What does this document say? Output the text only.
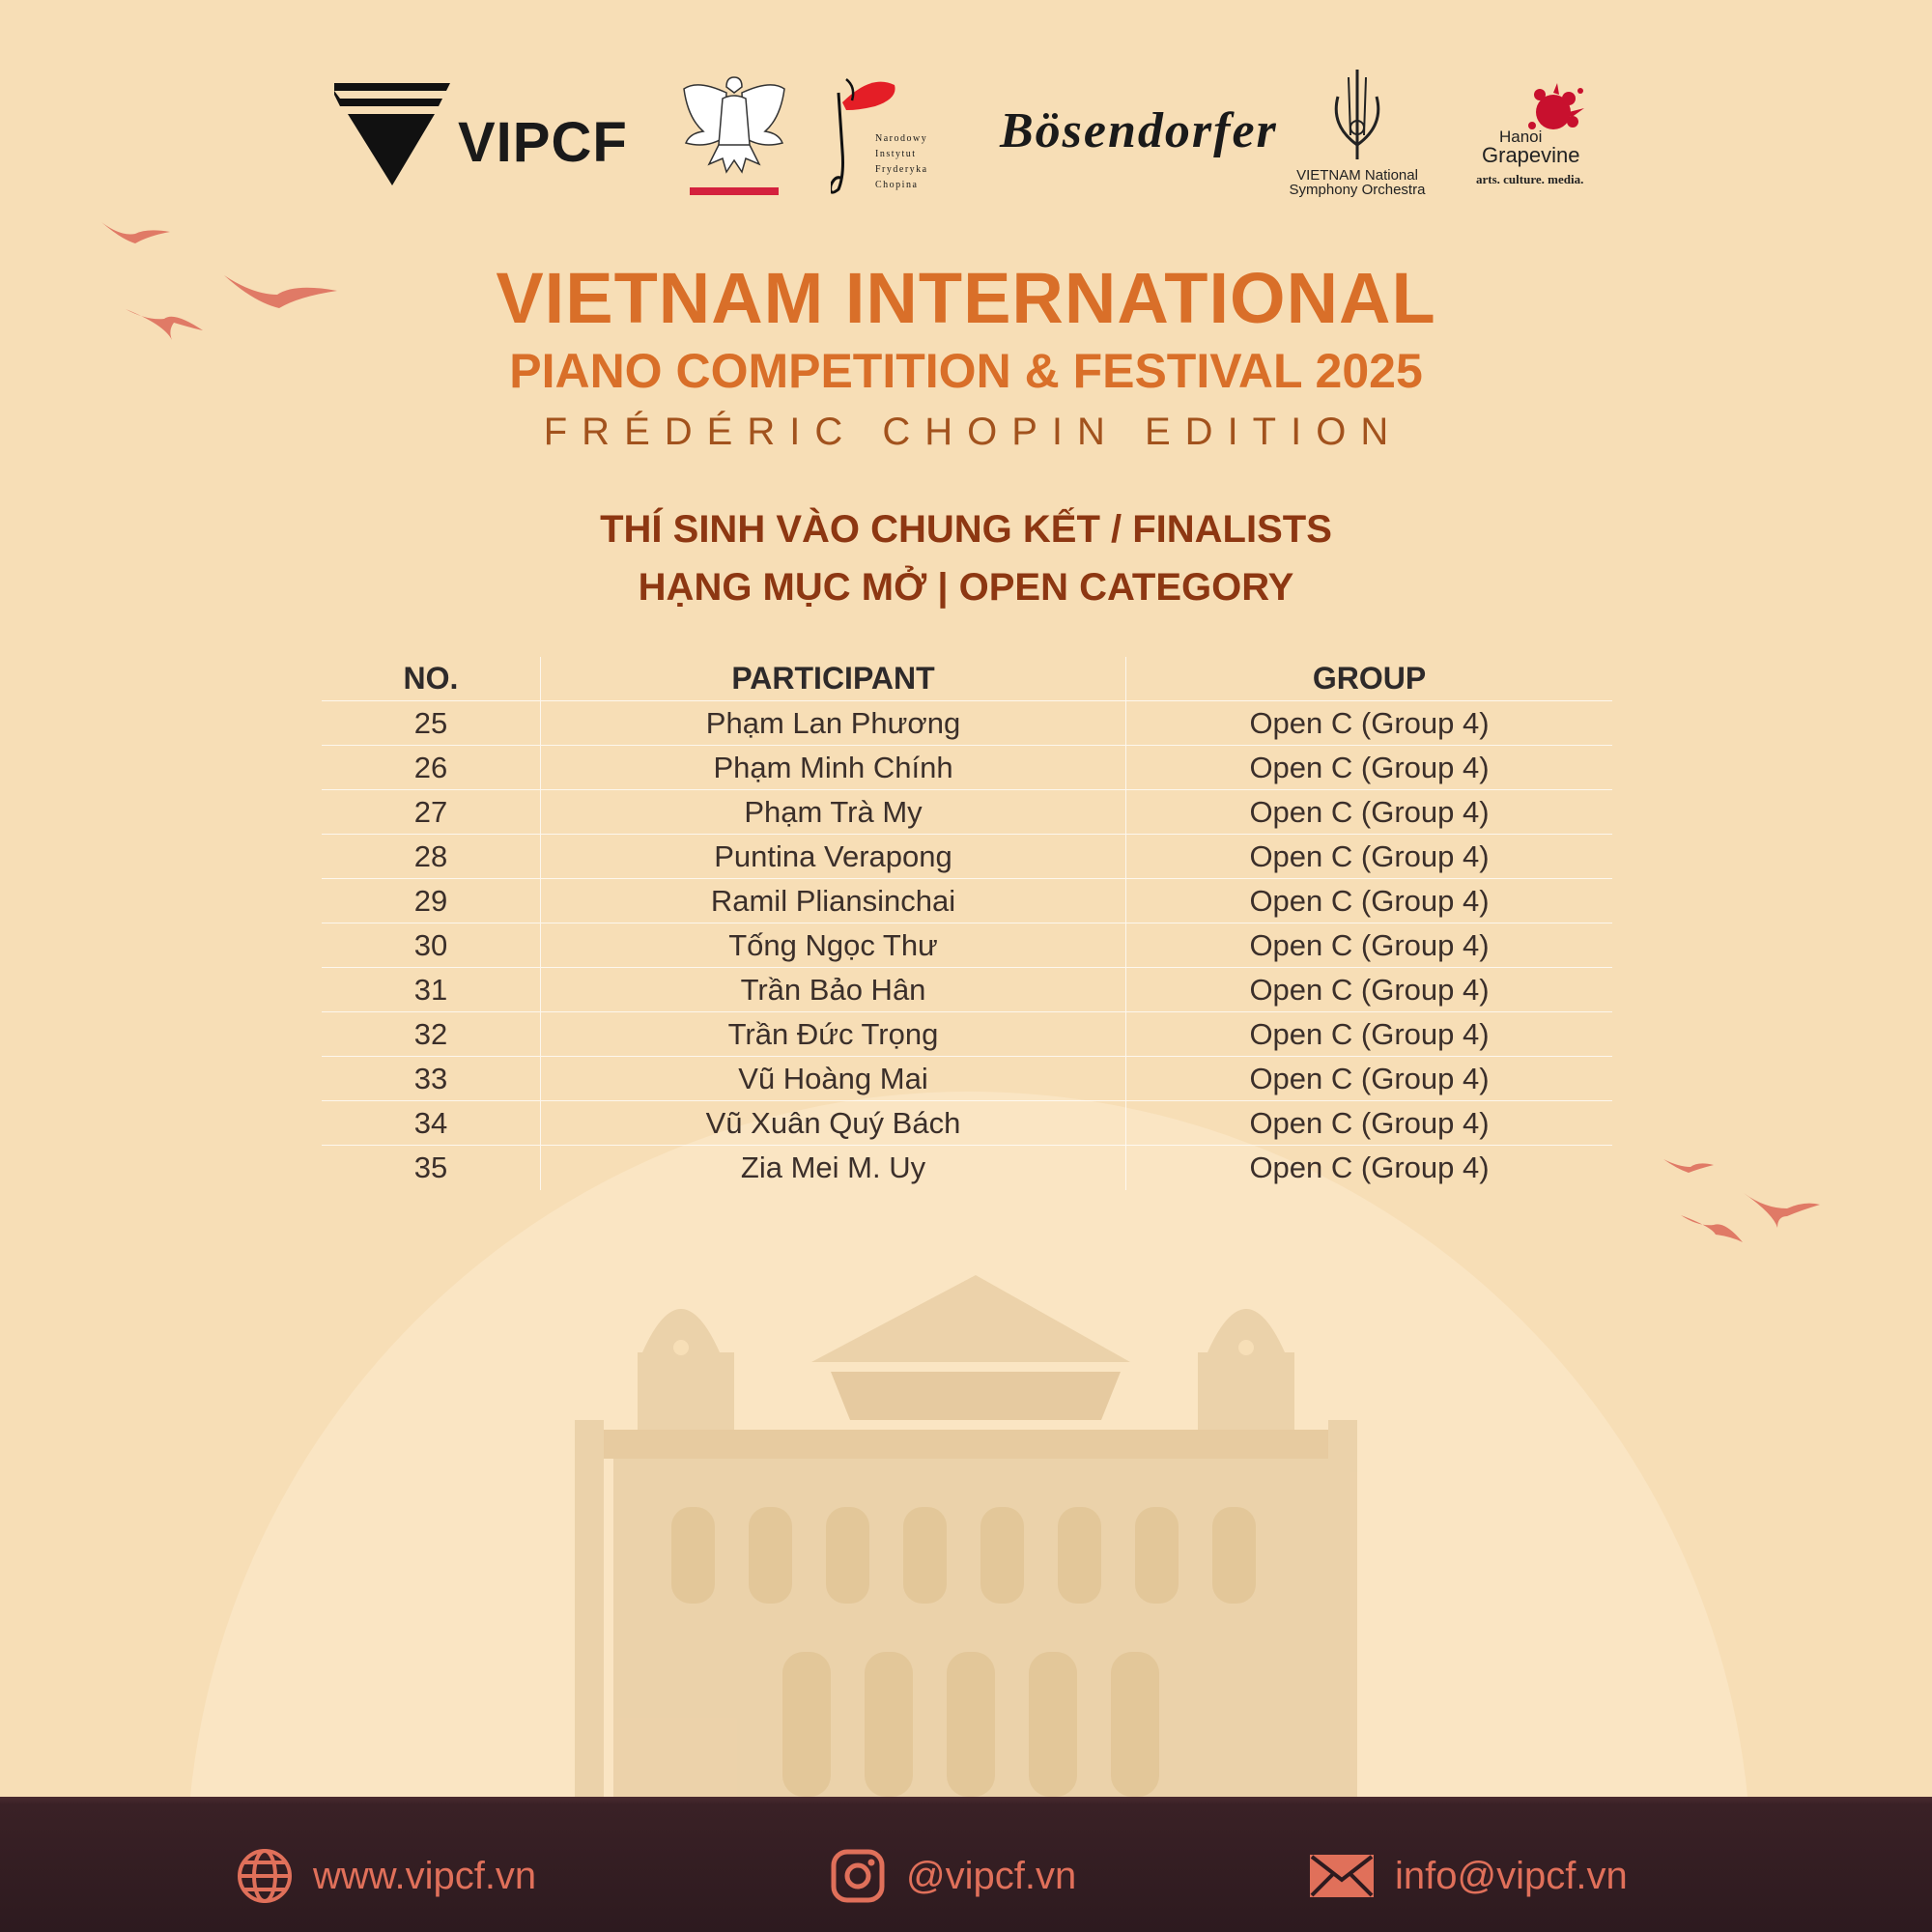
VIPCF	Narodowy
Instytut
Fryderyka
Chopina
Bösendorfer
VIETNAM National
Symphony Orchestra
Hanoi
Grapevine
arts. culture. media.
VIETNAM INTERNATIONAL
PIANO COMPETITION & FESTIVAL 2025
FRÉDÉRIC CHOPIN EDITION
THÍ SINH VÀO CHUNG KẾT / FINALISTS
HẠNG MỤC MỞ | OPEN CATEGORY
NO.	PARTICIPANT	GROUP
25	Phạm Lan Phương	Open C (Group 4)
26	Phạm Minh Chính	Open C (Group 4)
27	Phạm Trà My	Open C (Group 4)
28	Puntina Verapong	Open C (Group 4)
29	Ramil Pliansinchai	Open C (Group 4)
30	Tống Ngọc Thư	Open C (Group 4)
31	Trần Bảo Hân	Open C (Group 4)
32	Trần Đức Trọng	Open C (Group 4)
33	Vũ Hoàng Mai	Open C (Group 4)
34	Vũ Xuân Quý Bách	Open C (Group 4)
35	Zia Mei M. Uy	Open C (Group 4)
www.vipcf.vn	@vipcf.vn	info@vipcf.vn
